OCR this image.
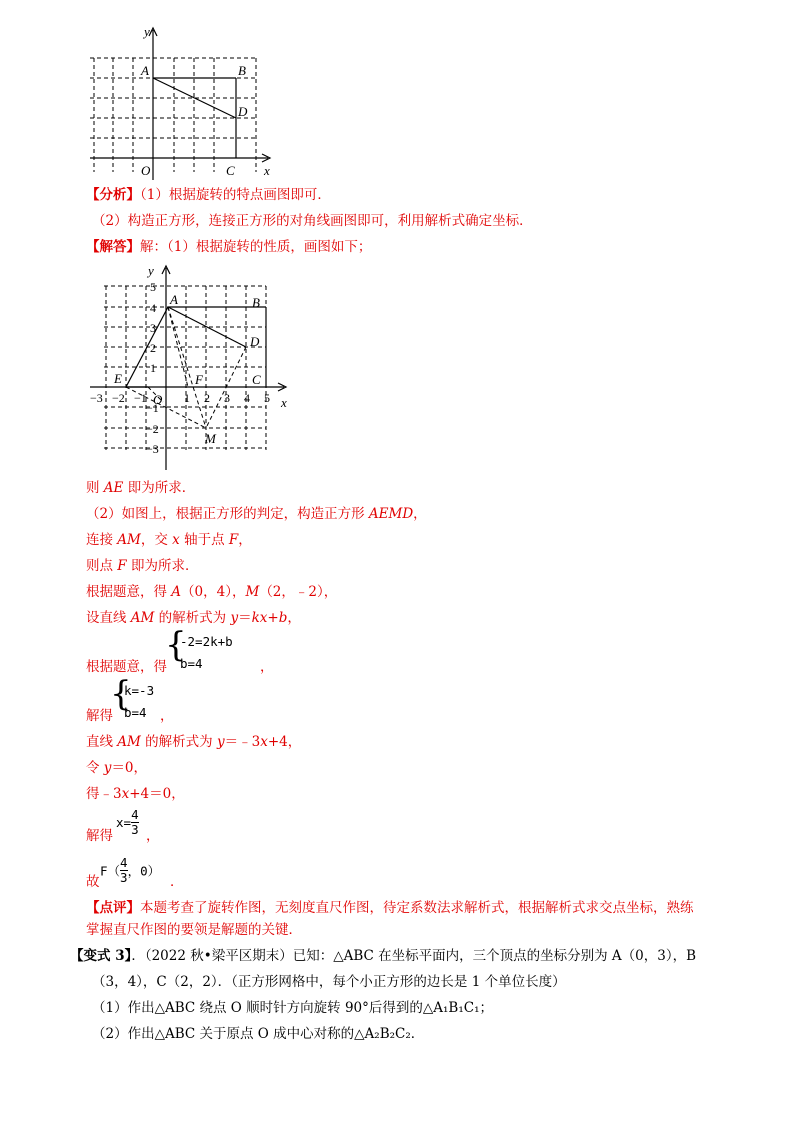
y
x
A	B
C
D
O
【分析】（1）根据旋转的特点画图即可．
（2）构造正方形，连接正方形的对角线画图即可，利用解析式确定坐标．
【解答】解：（1）根据旋转的性质，画图如下；
−3 −2 −1	1 2 3 4 5
5
4
3
2
1
−1
−2
−3
y
x
A	B
C
D
E	F
M
O
则 AE 即为所求．
（2）如图上，根据正方形的判定，构造正方形 AEMD，
连接 AM，交 x 轴于点 F，
则点 F 即为所求．
根据题意，得 A（0，4），M（2，﹣2），
设直线 AM 的解析式为 y＝kx+b，
根据题意，得
{
-2=2k+b
b=4	，
解得
{
k=-3
b=4 ，
直线 AM 的解析式为 y＝﹣3x+4，
令 y＝0，
得﹣3x+4＝0，
解得
$x= \frac{4}{3}$ ，
故
$F( \frac{4}{3}$ ，0）
．
【点评】本题考查了旋转作图，无刻度直尺作图，待定系数法求解析式，根据解析式求交点坐标，熟练
掌握直尺作图的要领是解题的关键．
【变式 3】．（2022 秋•梁平区期末）已知：△ABC 在坐标平面内，三个顶点的坐标分别为 A（0，3），B
（3，4），C（2，2）．（正方形网格中，每个小正方形的边长是 1 个单位长度）
（1）作出△ABC 绕点 O 顺时针方向旋转 90°后得到的△A₁B₁C₁；
（2）作出△ABC 关于原点 O 成中心对称的△A₂B₂C₂．
